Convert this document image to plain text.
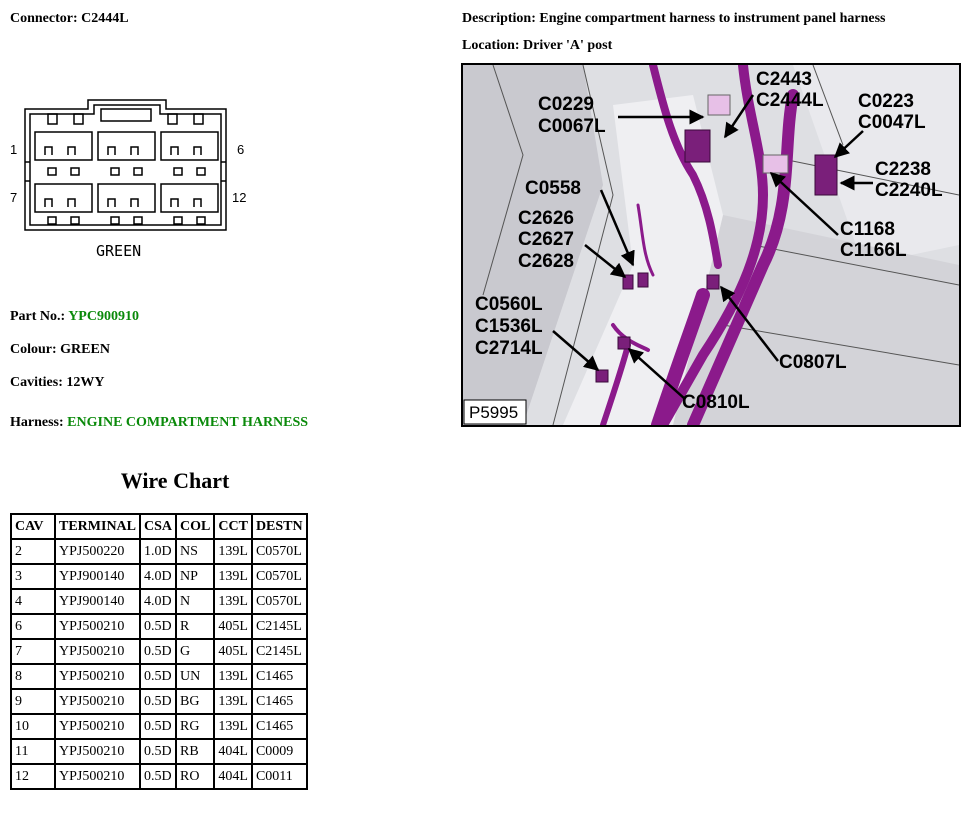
Connector: C2444L	Description: Engine compartment harness to instrument panel harness
Location: Driver 'A' post
1	6
7	12
GREEN
Part No.: YPC900910
Colour: GREEN
Cavities: 12WY
Harness: ENGINE COMPARTMENT HARNESS
Wire Chart
CAV	TERMINAL	CSA	COL	CCT	DESTN
2	YPJ500220	1.0D	NS	139L	C0570L
3	YPJ900140	4.0D	NP	139L	C0570L
4	YPJ900140	4.0D	N	139L	C0570L
6	YPJ500210	0.5D	R	405L	C2145L
7	YPJ500210	0.5D	G	405L	C2145L
8	YPJ500210	0.5D	UN	139L	C1465
9	YPJ500210	0.5D	BG	139L	C1465
10	YPJ500210	0.5D	RG	139L	C1465
11	YPJ500210	0.5D	RB	404L	C0009
12	YPJ500210	0.5D	RO	404L	C0011
C2443
C2444L
C0229
C0067L
C0223
C0047L
C2238
C2240L
C0558
C2626
C2627
C2628
C1168
C1166L
C0560L
C1536L
C2714L
C0807L
C0810L
P5995
